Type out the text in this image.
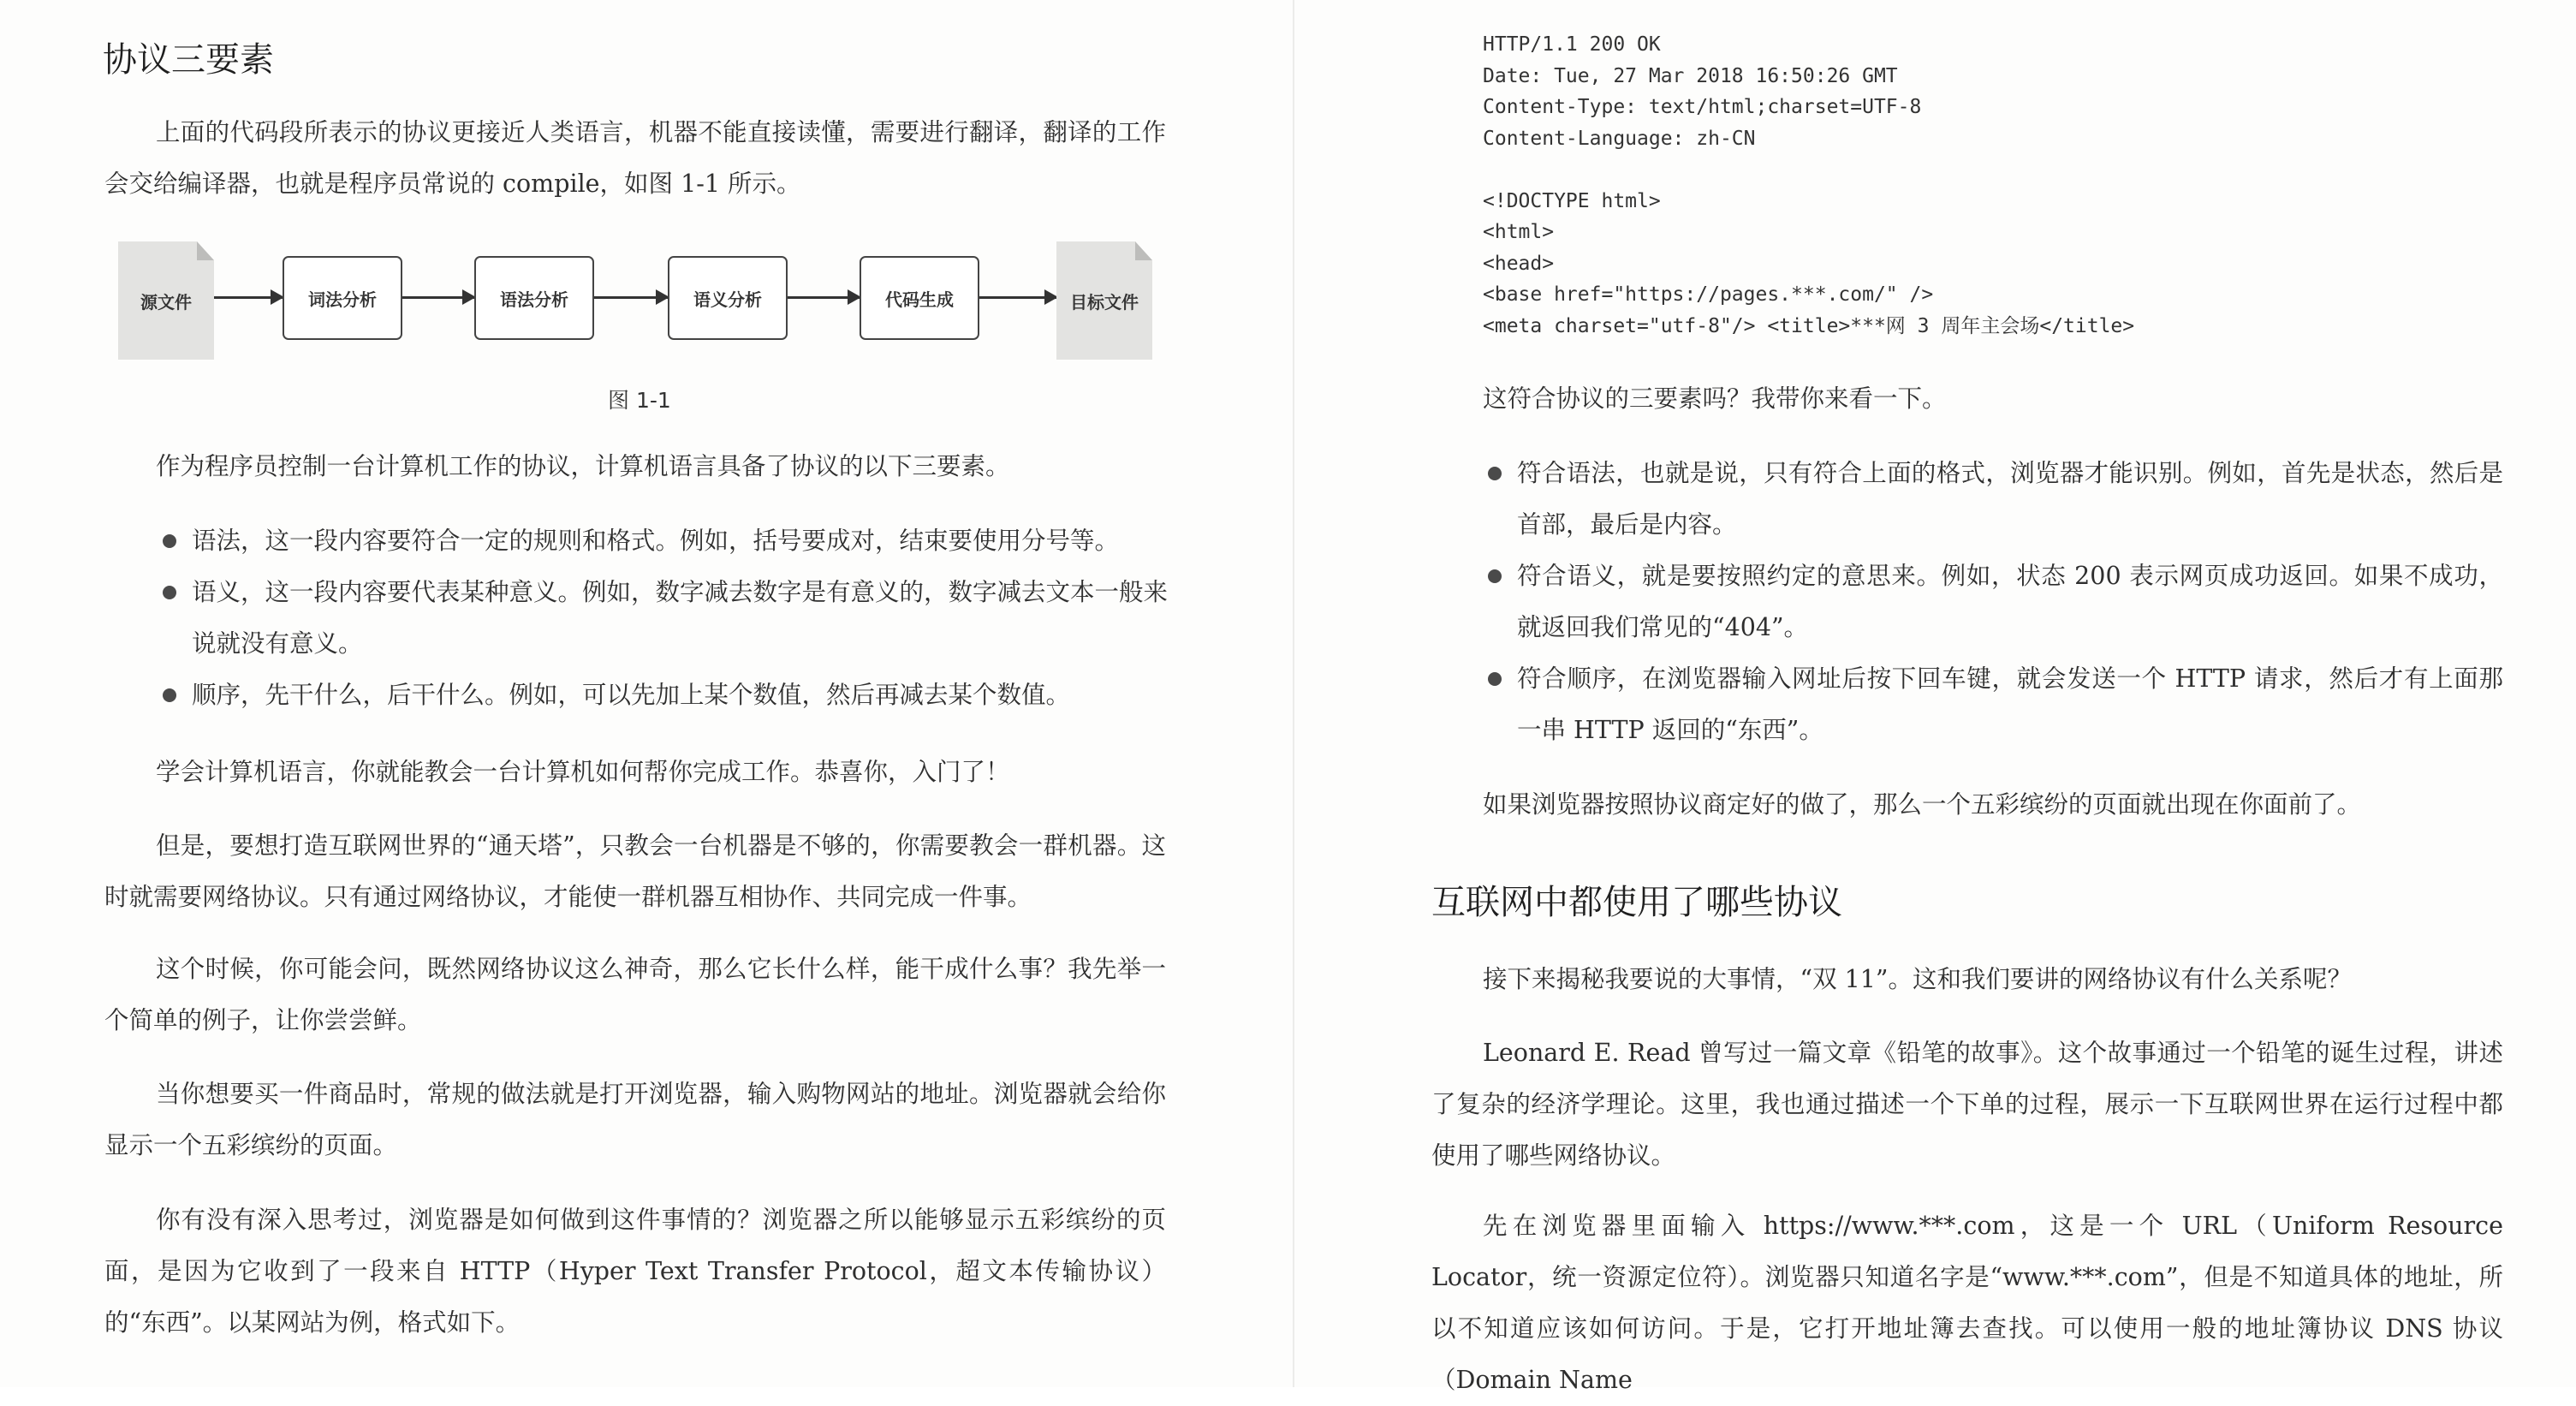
协议三要素

上面的代码段所表示的协议更接近人类语言，机器不能直接读懂，需要进行翻译，翻译的工作会交给编译器，也就是程序员常说的 compile，如图 1-1 所示。

源文件	词法分析	语法分析	语义分析	代码生成	目标文件
图 1-1

作为程序员控制一台计算机工作的协议，计算机语言具备了协议的以下三要素。

语法，这一段内容要符合一定的规则和格式。例如，括号要成对，结束要使用分号等。
语义，这一段内容要代表某种意义。例如，数字减去数字是有意义的，数字减去文本一般来说就没有意义。
顺序，先干什么，后干什么。例如，可以先加上某个数值，然后再减去某个数值。

学会计算机语言，你就能教会一台计算机如何帮你完成工作。恭喜你，入门了！

但是，要想打造互联网世界的“通天塔”，只教会一台机器是不够的，你需要教会一群机器。这时就需要网络协议。只有通过网络协议，才能使一群机器互相协作、共同完成一件事。

这个时候，你可能会问，既然网络协议这么神奇，那么它长什么样，能干成什么事？我先举一个简单的例子，让你尝尝鲜。

当你想要买一件商品时，常规的做法就是打开浏览器，输入购物网站的地址。浏览器就会给你显示一个五彩缤纷的页面。

你有没有深入思考过，浏览器是如何做到这件事情的？浏览器之所以能够显示五彩缤纷的页面，是因为它收到了一段来自 HTTP（Hyper Text Transfer Protocol，超文本传输协议）的“东西”。以某网站为例，格式如下。

HTTP/1.1 200 OK
Date: Tue, 27 Mar 2018 16:50:26 GMT
Content-Type: text/html;charset=UTF-8
Content-Language: zh-CN
<!DOCTYPE html>
<html>
<head>
<base href="https://pages.***.com/" />
<meta charset="utf-8"/> <title>***网 3 周年主会场</title>

这符合协议的三要素吗？我带你来看一下。

符合语法，也就是说，只有符合上面的格式，浏览器才能识别。例如，首先是状态，然后是首部，最后是内容。
符合语义，就是要按照约定的意思来。例如，状态 200 表示网页成功返回。如果不成功，就返回我们常见的“404”。
符合顺序，在浏览器输入网址后按下回车键，就会发送一个 HTTP 请求，然后才有上面那一串 HTTP 返回的“东西”。

如果浏览器按照协议商定好的做了，那么一个五彩缤纷的页面就出现在你面前了。

互联网中都使用了哪些协议

接下来揭秘我要说的大事情，“双 11”。这和我们要讲的网络协议有什么关系呢？

Leonard E. Read 曾写过一篇文章《铅笔的故事》。这个故事通过一个铅笔的诞生过程，讲述了复杂的经济学理论。这里，我也通过描述一个下单的过程，展示一下互联网世界在运行过程中都使用了哪些网络协议。

先在浏览器里面输入 https://www.***.com，这是一个 URL（Uniform Resource Locator，统一资源定位符）。浏览器只知道名字是“www.***.com”，但是不知道具体的地址，所以不知道应该如何访问。于是，它打开地址簿去查找。可以使用一般的地址簿协议 DNS 协议（Domain Name
